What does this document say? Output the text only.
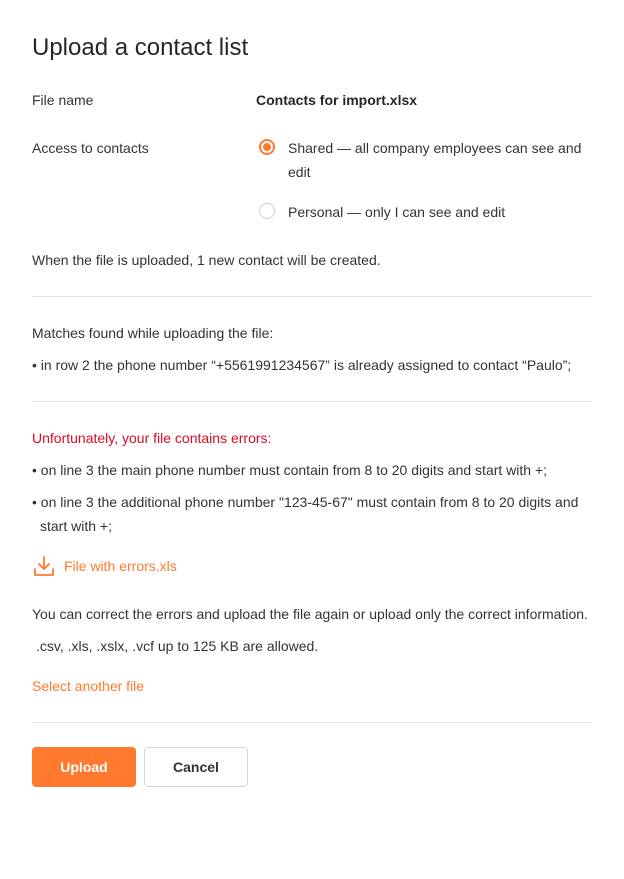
Upload a contact list
File name	Contacts for import.xlsx
Access to contacts	Shared — all company employees can see and edit
Personal — only I can see and edit
When the file is uploaded, 1 new contact will be created.
Matches found while uploading the file:
• in row 2 the phone number “+5561991234567” is already assigned to contact “Paulo”;
Unfortunately, your file contains errors:
• on line 3 the main phone number must contain from 8 to 20 digits and start with +;
• on line 3 the additional phone number "123-45-67" must contain from 8 to 20 digits and start with +;
File with errors.xls
You can correct the errors and upload the file again or upload only the correct information.
.csv, .xls, .xslx, .vcf up to 125 KB are allowed.
Select another file
Upload	Cancel
